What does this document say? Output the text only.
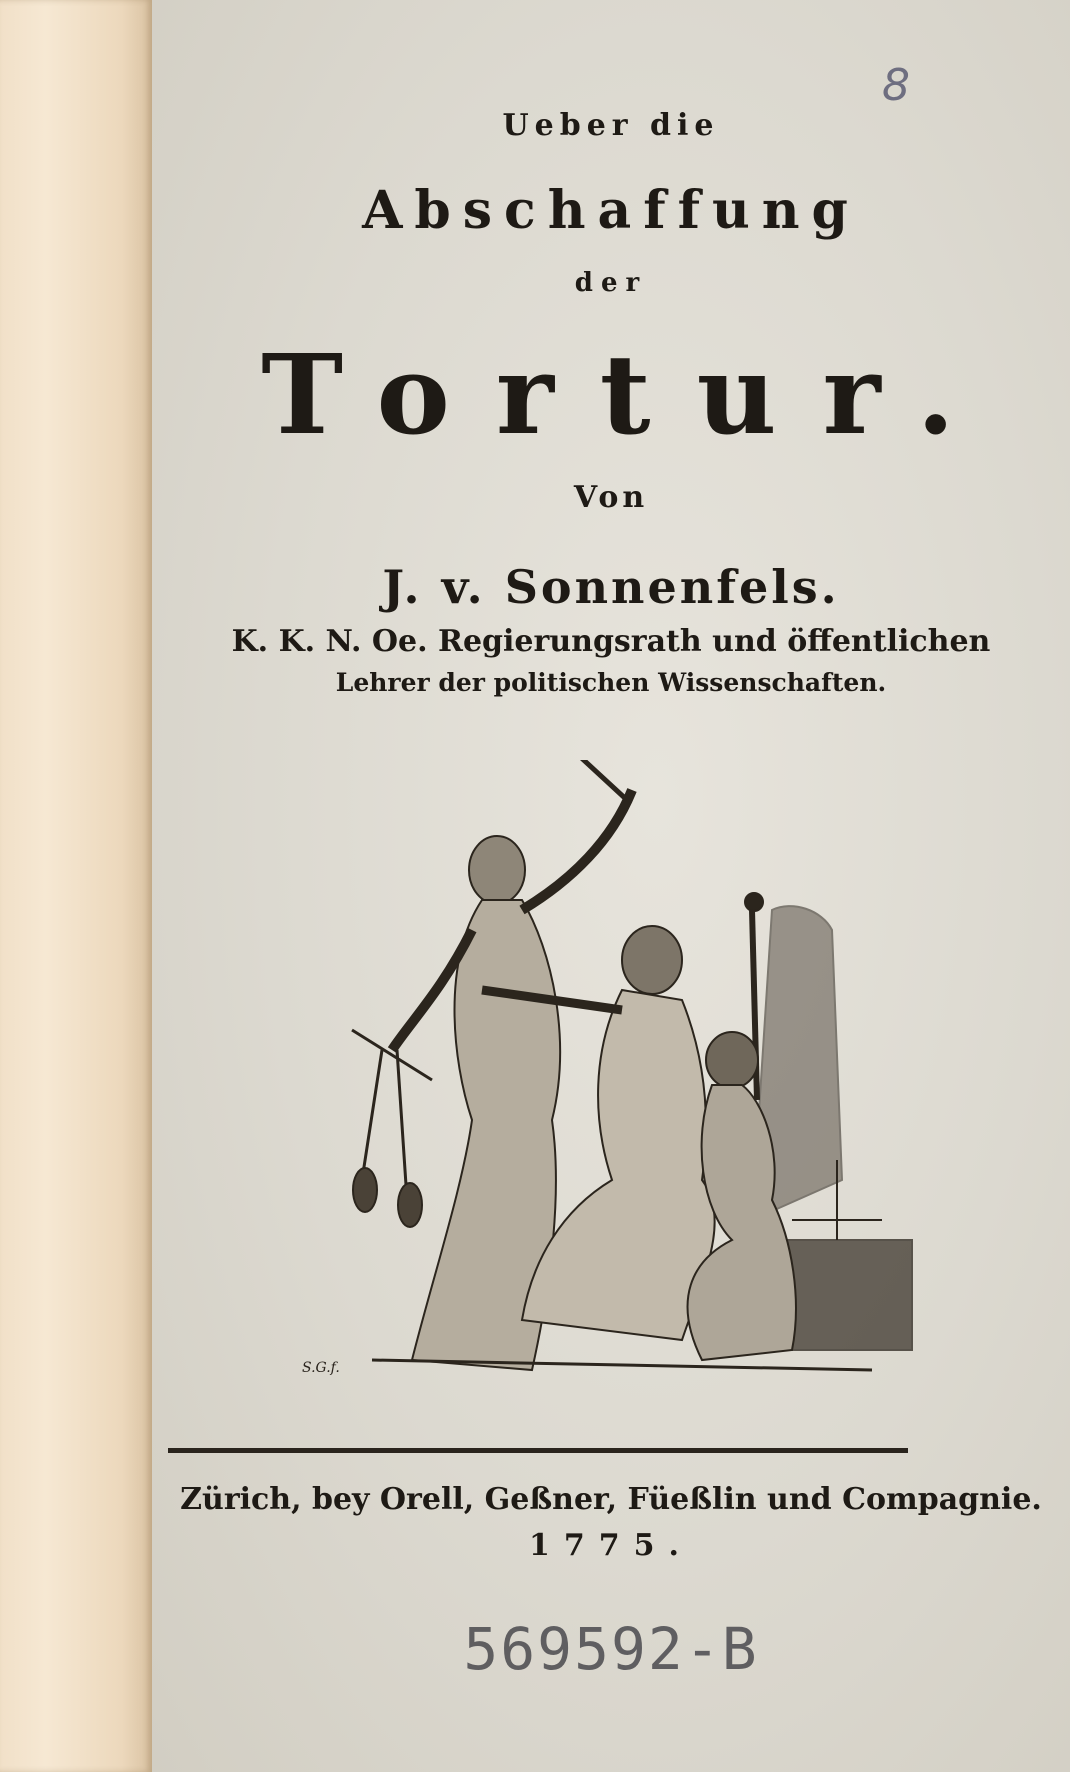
8
Ueber die
Abschaffung
der
Tortur.
Von
J. v. Sonnenfels.
K. K. N. Oe. Regierungsrath und öffentlichen
Lehrer der politischen Wissenschaften.
S.G.f.
Zürich, bey Orell, Geßner, Füeßlin und Compagnie.
1775.
569592-B
